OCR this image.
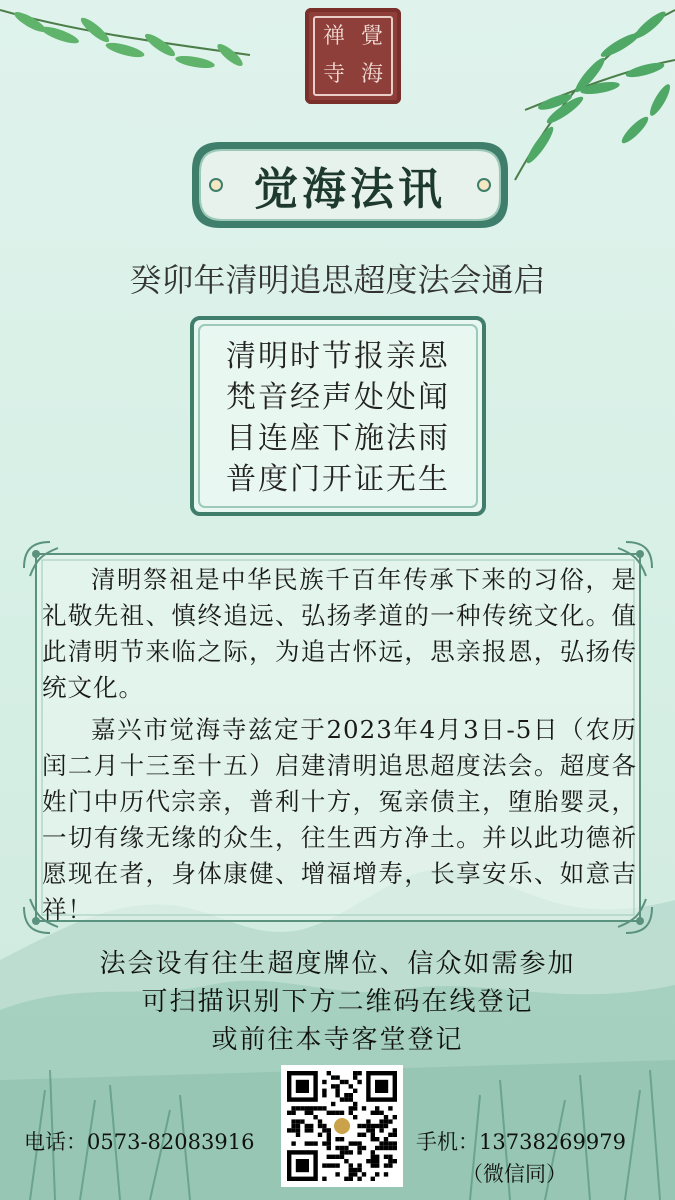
禅 覺
寺 海
觉海法讯
癸卯年清明追思超度法会通启
清明时节报亲恩
梵音经声处处闻
目连座下施法雨
普度门开证无生

清明祭祖是中华民族千百年传承下来的习俗，是礼敬先祖、慎终追远、弘扬孝道的一种传统文化。值此清明节来临之际，为追古怀远，思亲报恩，弘扬传统文化。

嘉兴市觉海寺兹定于2023年4月3日-5日（农历闰二月十三至十五）启建清明追思超度法会。超度各姓门中历代宗亲，普利十方，冤亲债主，堕胎婴灵，一切有缘无缘的众生，往生西方净土。并以此功德祈愿现在者，身体康健、增福增寿，长享安乐、如意吉祥！

法会设有往生超度牌位、信众如需参加
可扫描识别下方二维码在线登记
或前往本寺客堂登记
电话：0573-82083916	手机：13738269979
（微信同）
